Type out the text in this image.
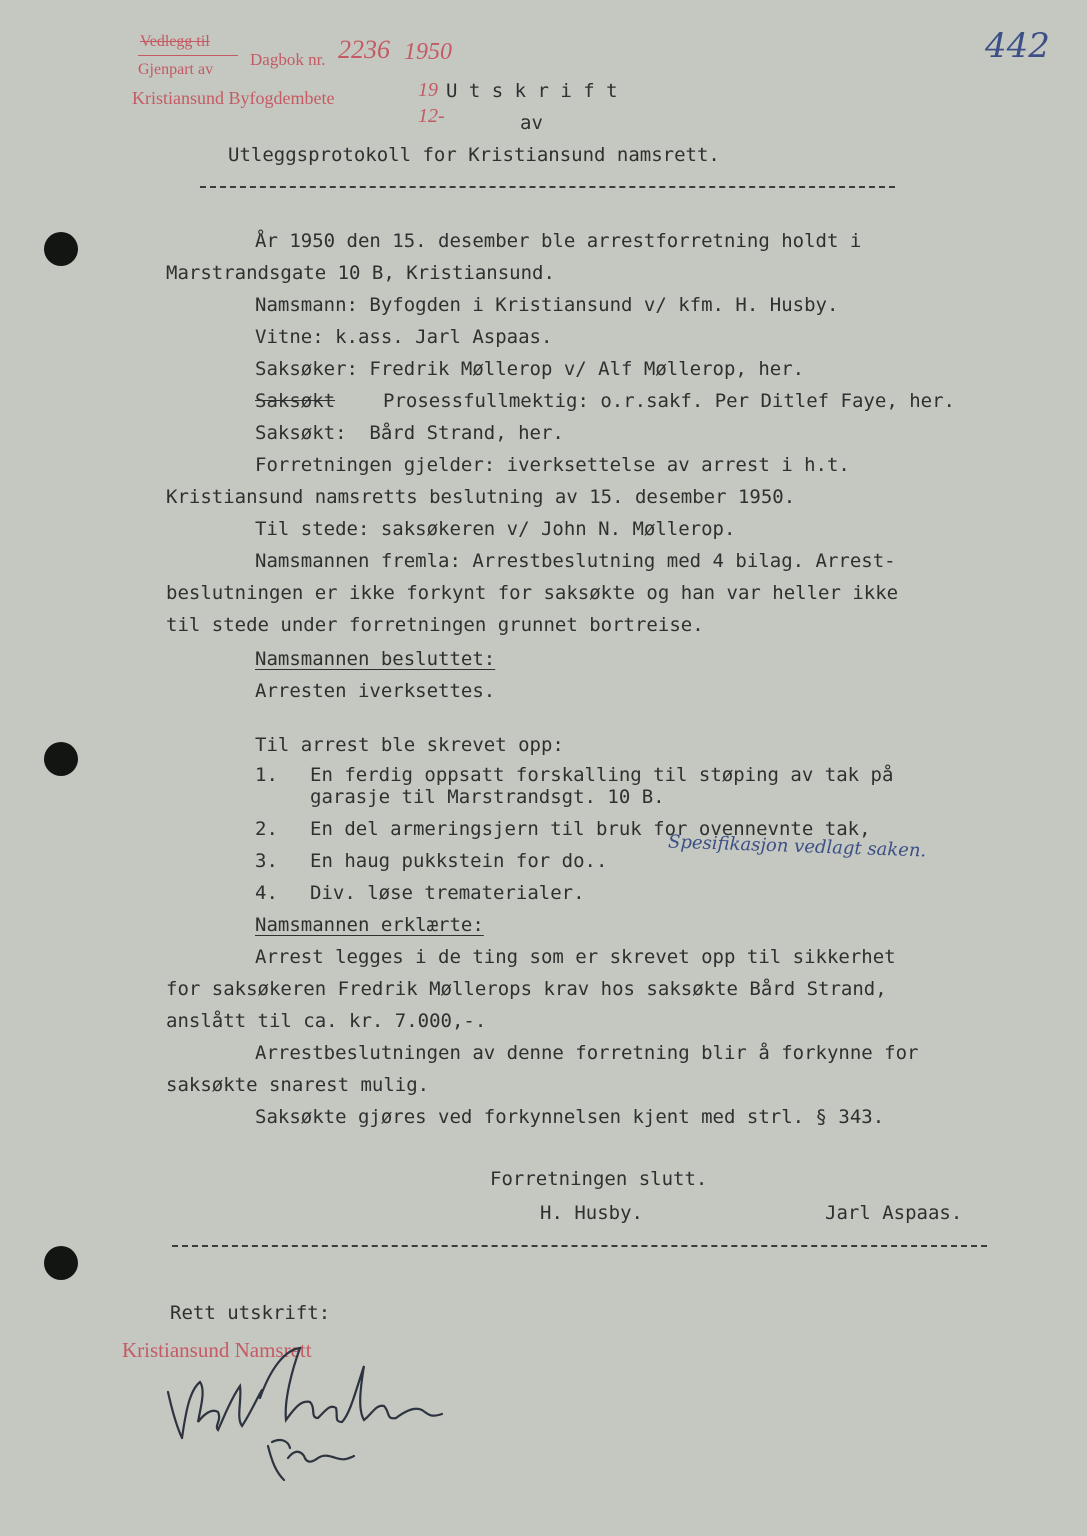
Vedlegg til
Gjenpart av
Kristiansund Byfogdembete
Dagbok nr. 2236 1950
19
12-
442
U t s k r i f t
av
Utleggsprotokoll for Kristiansund namsrett.
År 1950 den 15. desember ble arrestforretning holdt i
Marstrandsgate 10 B, Kristiansund.
Namsmann: Byfogden i Kristiansund v/ kfm. H. Husby.
Vitne: k.ass. Jarl Aspaas.
Saksøker: Fredrik Møllerop v/ Alf Møllerop, her.
Saksøkt	Prosessfullmektig: o.r.sakf. Per Ditlef Faye, her.
Saksøkt:  Bård Strand, her.
Forretningen gjelder: iverksettelse av arrest i h.t.
Kristiansund namsretts beslutning av 15. desember 1950.
Til stede: saksøkeren v/ John N. Møllerop.
Namsmannen fremla: Arrestbeslutning med 4 bilag. Arrest-
beslutningen er ikke forkynt for saksøkte og han var heller ikke
til stede under forretningen grunnet bortreise.
Namsmannen besluttet:
Arresten iverksettes.
Til arrest ble skrevet opp:
1. En ferdig oppsatt forskalling til støping av tak på
garasje til Marstrandsgt. 10 B.
2. En del armeringsjern til bruk for ovennevnte tak,
3. En haug pukkstein for do..	Spesifikasjon vedlagt saken.
4. Div. løse trematerialer.
Namsmannen erklærte:
Arrest legges i de ting som er skrevet opp til sikkerhet
for saksøkeren Fredrik Møllerops krav hos saksøkte Bård Strand,
anslått til ca. kr. 7.000,-.
Arrestbeslutningen av denne forretning blir å forkynne for
saksøkte snarest mulig.
Saksøkte gjøres ved forkynnelsen kjent med strl. § 343.
Forretningen slutt.
H. Husby.	Jarl Aspaas.
Rett utskrift:
Kristiansund Namsrett
